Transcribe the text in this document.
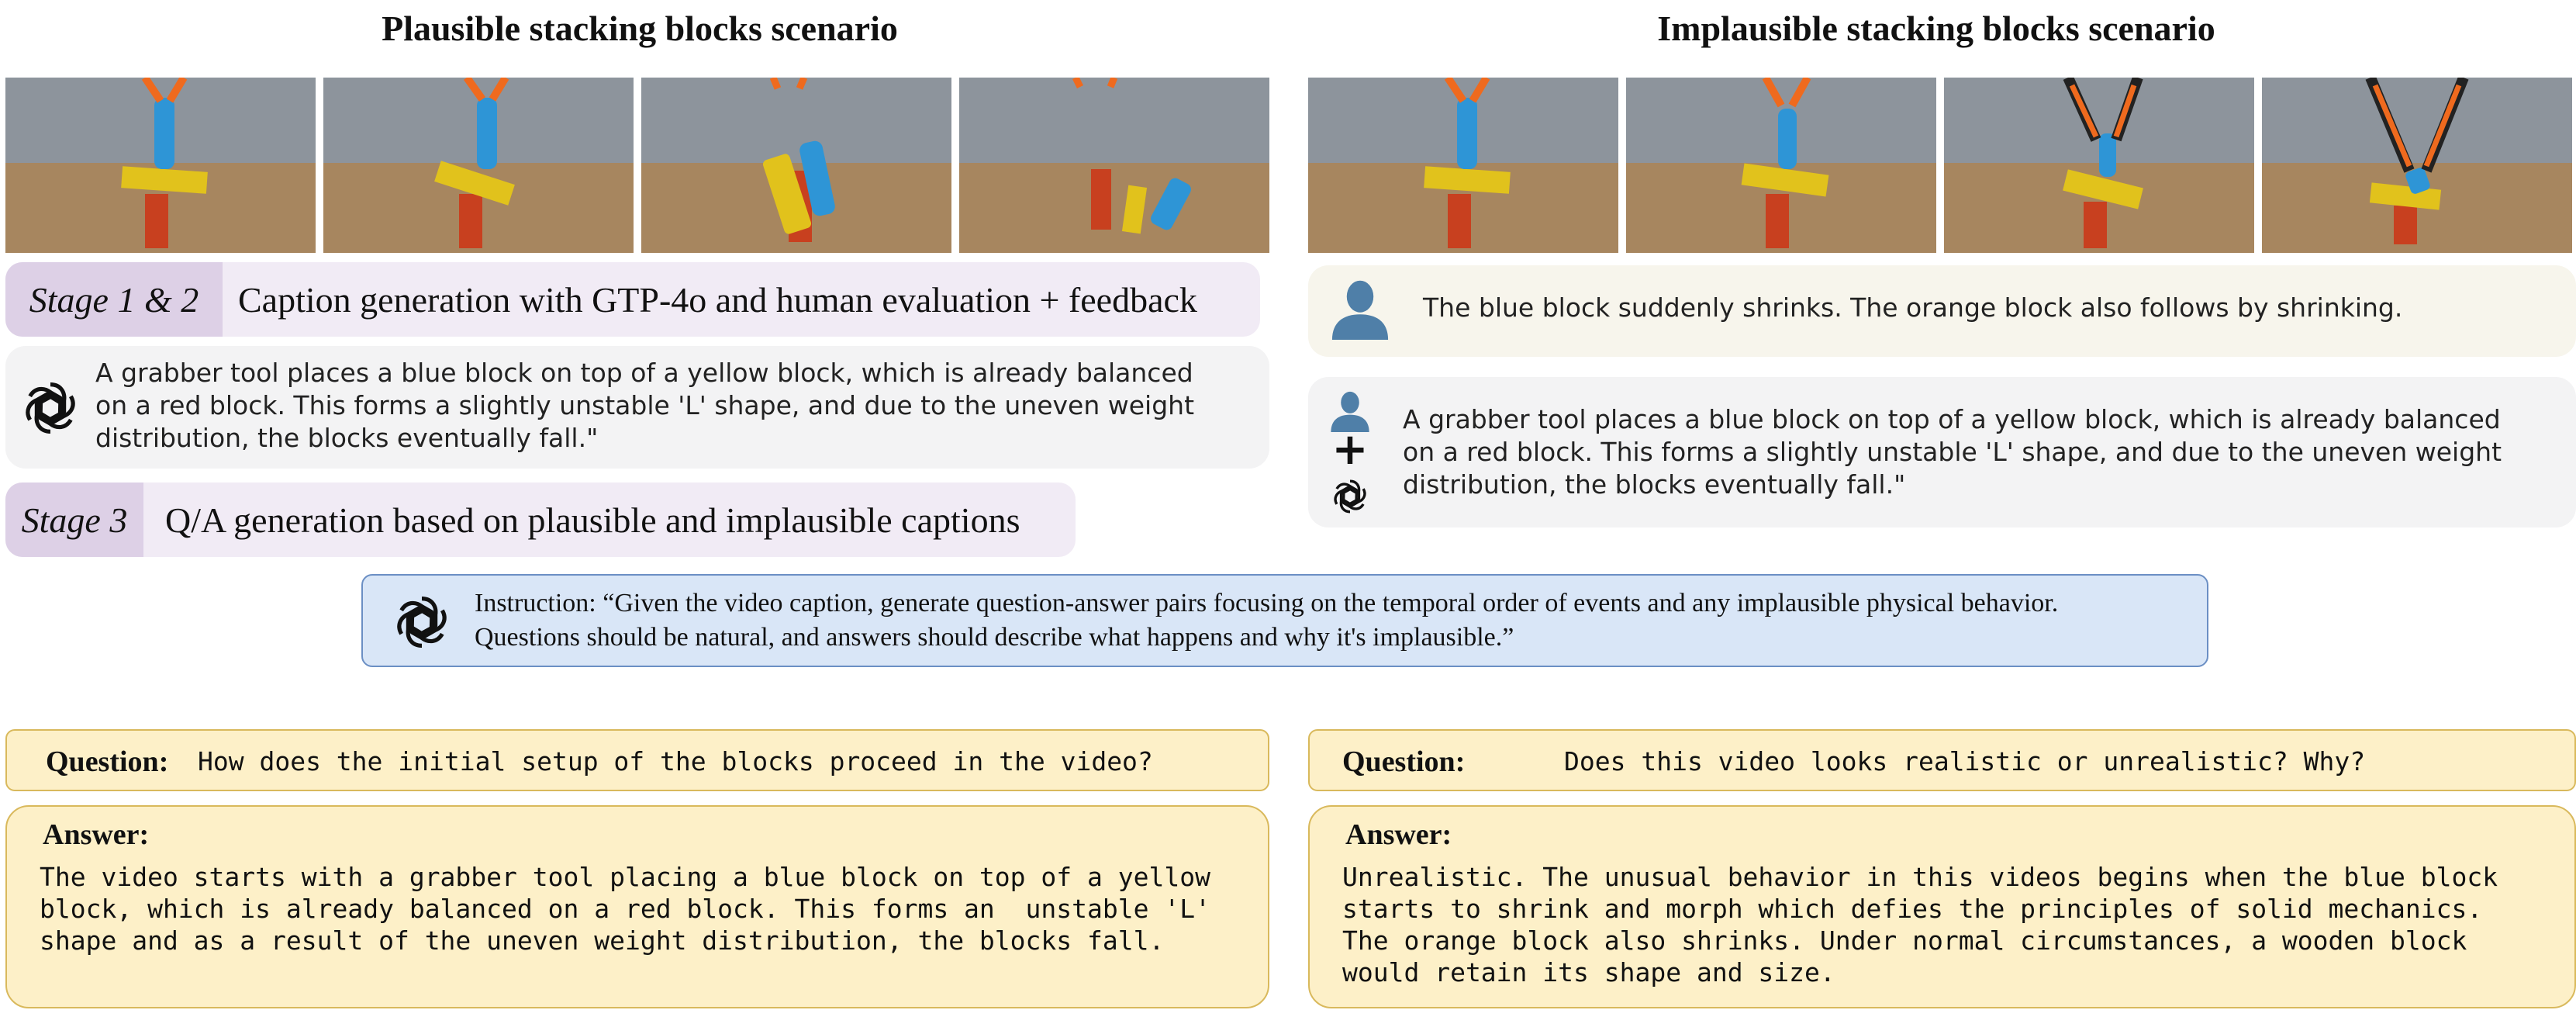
Plausible stacking blocks scenario
Stage 1 & 2	Caption generation with GTP-4o and human evaluation + feedback
A grabber tool places a blue block on top of a yellow block, which is already balanced
on a red block. This forms a slightly unstable 'L' shape, and due to the uneven weight
distribution, the blocks eventually fall."
Stage 3	Q/A generation based on plausible and implausible captions
Implausible stacking blocks scenario
The blue block suddenly shrinks. The orange block also follows by shrinking.
+
A grabber tool places a blue block on top of a yellow block, which is already balanced
on a red block. This forms a slightly unstable 'L' shape, and due to the uneven weight
distribution, the blocks eventually fall."
Instruction: “Given the video caption, generate question-answer pairs focusing on the temporal order of events and any implausible physical behavior.
Questions should be natural, and answers should describe what happens and why it's implausible.”
Question: How does the initial setup of the blocks proceed in the video?
Answer:
The video starts with a grabber tool placing a blue block on top of a yellow
block, which is already balanced on a red block. This forms an  unstable 'L'
shape and as a result of the uneven weight distribution, the blocks fall.
Question:	Does this video looks realistic or unrealistic? Why?
Answer:
Unrealistic. The unusual behavior in this videos begins when the blue block
starts to shrink and morph which defies the principles of solid mechanics.
The orange block also shrinks. Under normal circumstances, a wooden block
would retain its shape and size.
